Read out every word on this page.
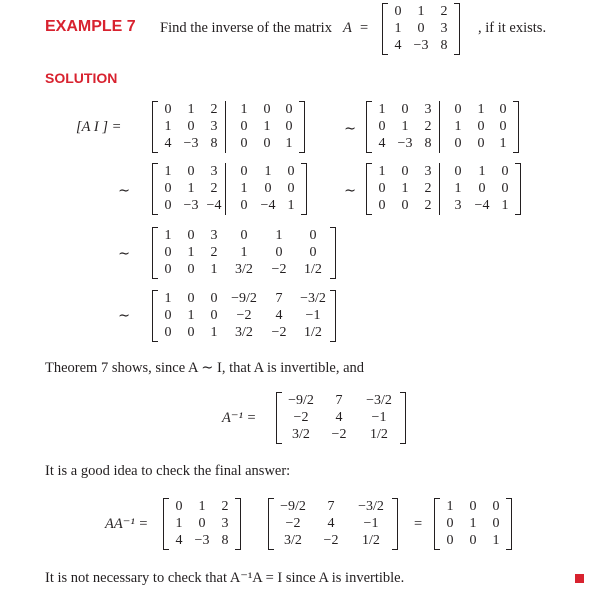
EXAMPLE 7 Find the inverse of the matrix A =
0	1	2
1	0	3
4	−3	8
, if it exists.
SOLUTION
[A I ] =
0	1	2		1	0	0
1	0	3		0	1	0
4	−3	8		0	0	1
∼
1	0	3		0	1	0
0	1	2		1	0	0
4	−3	8		0	0	1
∼
1	0	3		0	1	0
0	1	2		1	0	0
0	−3	−4		0	−4	1
∼
1	0	3		0	1	0
0	1	2		1	0	0
0	0	2		3	−4	1
∼
1	0	3	0	1	0
0	1	2	1	0	0
0	0	1	3/2	−2	1/2
∼
1	0	0	−9/2	7	−3/2
0	1	0	−2	4	−1
0	0	1	3/2	−2	1/2
Theorem 7 shows, since A ∼ I, that A is invertible, and
A⁻¹ =
−9/2	7	−3/2
−2	4	−1
3/2	−2	1/2
It is a good idea to check the final answer:
AA⁻¹ =
0	1	2
1	0	3
4	−3	8
−9/2	7	−3/2
−2	4	−1
3/2	−2	1/2
=
1	0	0
0	1	0
0	0	1
It is not necessary to check that A⁻¹A = I since A is invertible.
